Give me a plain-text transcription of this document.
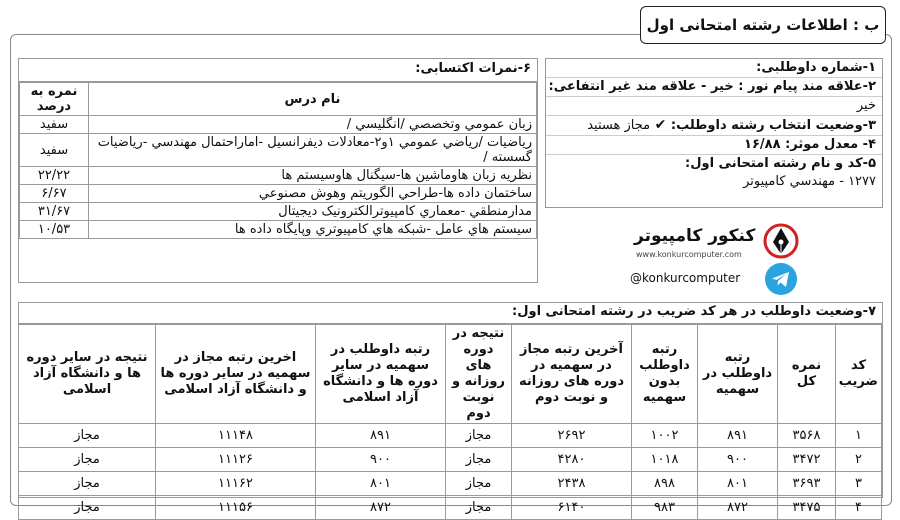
ب : اطلاعات رشته امتحانی اول
۱-شماره داوطلبی:
۲-علاقه مند پیام نور : خیر - علاقه مند غیر انتفاعی:
خیر
۳-وضعیت انتخاب رشته داوطلب: ✔ مجاز هستید
۴- معدل موثر: ۱۶/۸۸
۵-کد و نام رشته امتحانی اول:
۱۲۷۷ - مهندسي کامپيوتر
۶-نمرات اکتسابی:
نام درس	نمره به درصد
زبان عمومي وتخصصي /انگليسي /	سفيد
رياضيات /رياضي عمومي ۱و۲-معادلات ديفرانسيل -اماراحتمال مهندسي -رياضيات گسسته /	سفيد
نظريه زبان هاوماشين ها-سيگنال هاوسيستم ها	۲۲/۲۲
ساختمان داده ها-طراحي الگوريتم وهوش مصنوعي	۶/۶۷
مدارمنطقي -معماري کامپيوترالکترونيک ديجيتال	۳۱/۶۷
سيستم هاي عامل -شبکه هاي کامپيوتري وپايگاه داده ها	۱۰/۵۳	کنکور کامپیوتر
www.konkurcomputer.com
@konkurcomputer
۷-وضعیت داوطلب در هر کد ضریب در رشته امتحانی اول:
کد ضریب	نمره کل	رتبه داوطلب در سهمیه	رتبه داوطلب بدون سهمیه	آخرین رتبه مجاز در سهمیه در دوره های روزانه و نوبت دوم	نتیجه در دوره های روزانه و نوبت دوم	رتبه داوطلب در سهمیه در سایر دوره ها و دانشگاه آزاد اسلامی	اخرین رتبه مجاز در سهمیه در سایر دوره ها و دانشگاه آزاد اسلامی	نتیجه در سایر دوره ها و دانشگاه آزاد اسلامی
۱	۳۵۶۸	۸۹۱	۱۰۰۲	۲۶۹۲	مجاز	۸۹۱	۱۱۱۴۸	مجاز
۲	۳۴۷۲	۹۰۰	۱۰۱۸	۴۲۸۰	مجاز	۹۰۰	۱۱۱۲۶	مجاز
۳	۳۶۹۳	۸۰۱	۸۹۸	۲۴۳۸	مجاز	۸۰۱	۱۱۱۶۲	مجاز
۴	۳۴۷۵	۸۷۲	۹۸۳	۶۱۴۰	مجاز	۸۷۲	۱۱۱۵۶	مجاز
